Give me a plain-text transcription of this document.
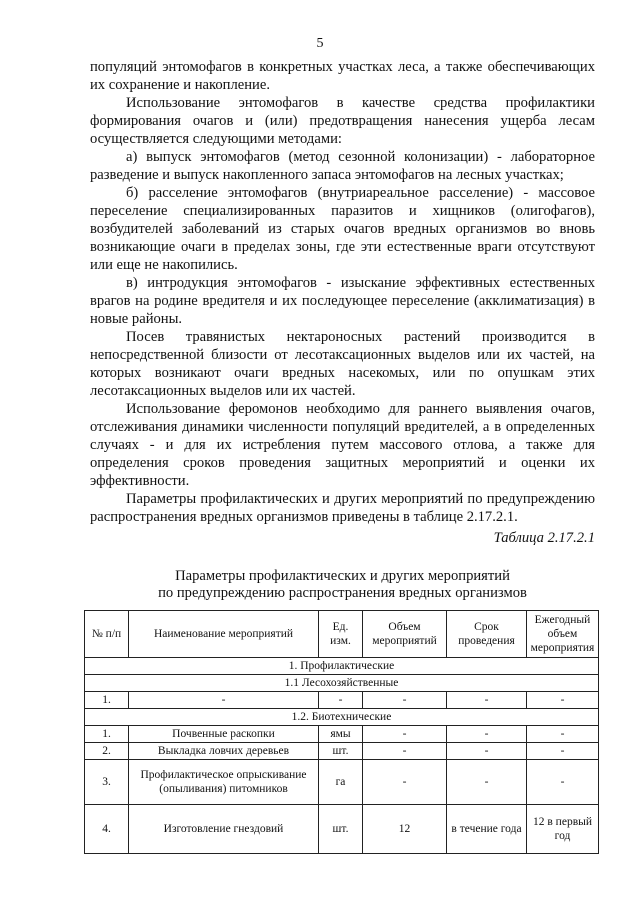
5

популяций энтомофагов в конкретных участках леса, а также обеспечивающих их сохранение и накопление.

Использование энтомофагов в качестве средства профилактики формирования очагов и (или) предотвращения нанесения ущерба лесам осуществляется следующими методами:

а) выпуск энтомофагов (метод сезонной колонизации) - лабораторное разведение и выпуск накопленного запаса энтомофагов на лесных участках;

б) расселение энтомофагов (внутриареальное расселение) - массовое переселение специализированных паразитов и хищников (олигофагов), возбудителей заболеваний из старых очагов вредных организмов во вновь возникающие очаги в пределах зоны, где эти естественные враги отсутствуют или еще не накопились.

в) интродукция энтомофагов - изыскание эффективных естественных врагов на родине вредителя и их последующее переселение (акклиматизация) в новые районы.

Посев травянистых нектароносных растений производится в непосредственной близости от лесотаксационных выделов или их частей, на которых возникают очаги вредных насекомых, или по опушкам этих лесотаксационных выделов или их частей.

Использование феромонов необходимо для раннего выявления очагов, отслеживания динамики численности популяций вредителей, а в определенных случаях - и для их истребления путем массового отлова, а также для определения сроков проведения защитных мероприятий и оценки их эффективности.

Параметры профилактических и других мероприятий по предупреждению распространения вредных организмов приведены в таблице 2.17.2.1.

Таблица 2.17.2.1
Параметры профилактических и других мероприятий
по предупреждению распространения вредных организмов
№ п/п	Наименование мероприятий	Ед. изм.	Объем мероприятий	Срок проведения	Ежегодный объем мероприятия
1. Профилактические					
1.1 Лесохозяйственные					
1.	-	-	-	-	-
1.2. Биотехнические					
1.	Почвенные раскопки	ямы	-	-	-
2.	Выкладка ловчих деревьев	шт.	-	-	-
3.	Профилактическое опрыскивание (опыливания) питомников	га	-	-	-
4.	Изготовление гнездовий	шт.	12	в течение года	12 в первый год
